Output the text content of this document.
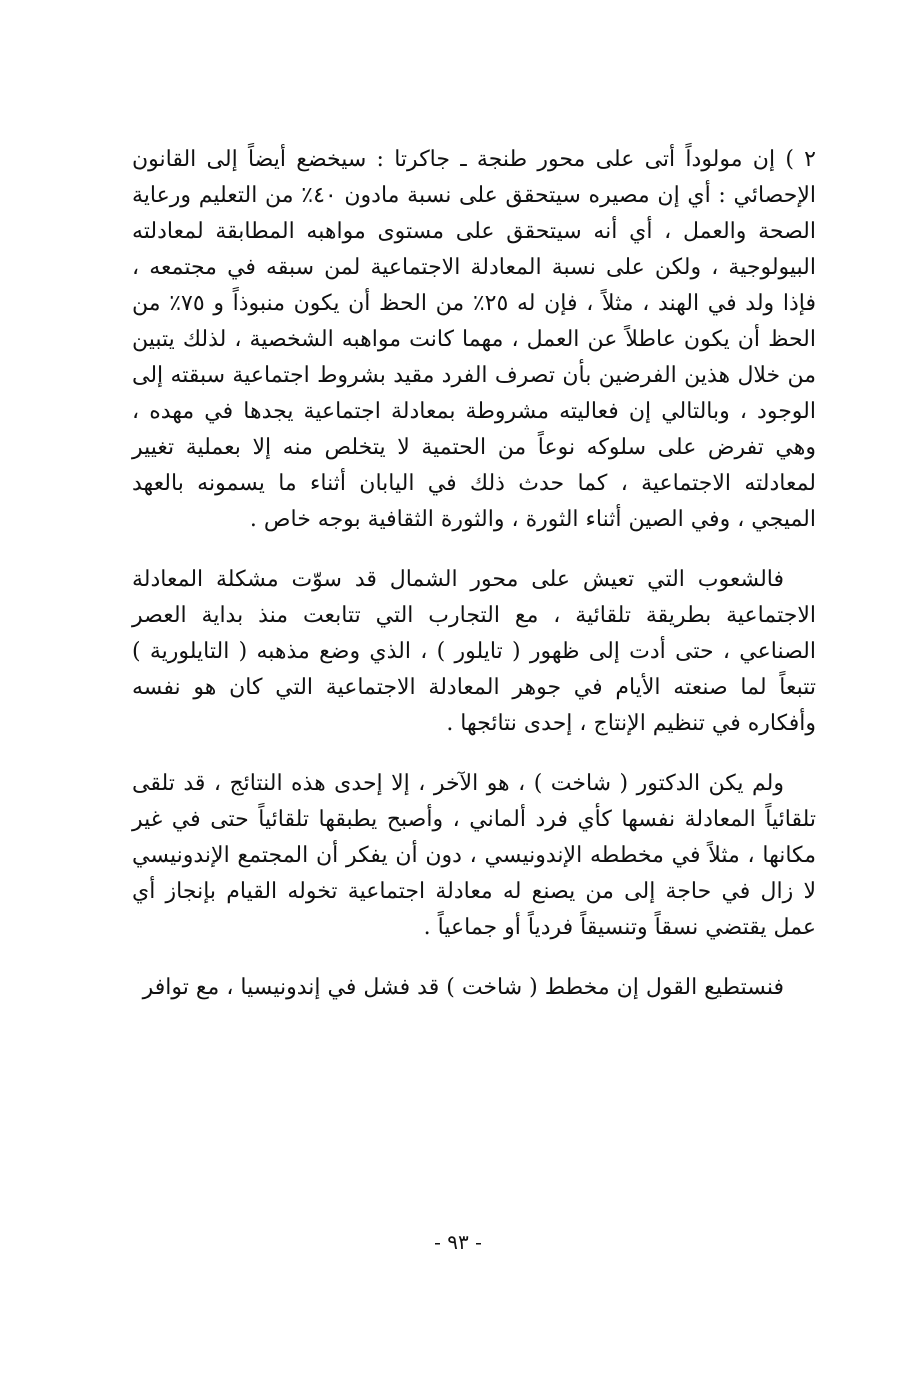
٢ ) إن مولوداً أتى على محور طنجة ـ جاكرتا : سيخضع أيضاً إلى القانون الإحصائي : أي إن مصيره سيتحقق على نسبة مادون ٤٠٪ من التعليم ورعاية الصحة والعمل ، أي أنه سيتحقق على مستوى مواهبه المطابقة لمعادلته البيولوجية ، ولكن على نسبة المعادلة الاجتماعية لمن سبقه في مجتمعه ، فإذا ولد في الهند ، مثلاً ، فإن له ٢٥٪ من الحظ أن يكون منبوذاً و ٧٥٪ من الحظ أن يكون عاطلاً عن العمل ، مهما كانت مواهبه الشخصية ، لذلك يتبين من خلال هذين الفرضين بأن تصرف الفرد مقيد بشروط اجتماعية سبقته إلى الوجود ، وبالتالي إن فعاليته مشروطة بمعادلة اجتماعية يجدها في مهده ، وهي تفرض على سلوكه نوعاً من الحتمية لا يتخلص منه إلا بعملية تغيير لمعادلته الاجتماعية ، كما حدث ذلك في اليابان أثناء ما يسمونه بالعهد الميجي ، وفي الصين أثناء الثورة ، والثورة الثقافية بوجه خاص .

فالشعوب التي تعيش على محور الشمال قد سوّت مشكلة المعادلة الاجتماعية بطريقة تلقائية ، مع التجارب التي تتابعت منذ بداية العصر الصناعي ، حتى أدت إلى ظهور ( تايلور ) ، الذي وضع مذهبه ( التايلورية ) تتبعاً لما صنعته الأيام في جوهر المعادلة الاجتماعية التي كان هو نفسه وأفكاره في تنظيم الإنتاج ، إحدى نتائجها .

ولم يكن الدكتور ( شاخت ) ، هو الآخر ، إلا إحدى هذه النتائج ، قد تلقى تلقائياً المعادلة نفسها كأي فرد ألماني ، وأصبح يطبقها تلقائياً حتى في غير مكانها ، مثلاً في مخططه الإندونيسي ، دون أن يفكر أن المجتمع الإندونيسي لا زال في حاجة إلى من يصنع له معادلة اجتماعية تخوله القيام بإنجاز أي عمل يقتضي نسقاً وتنسيقاً فردياً أو جماعياً .

فنستطيع القول إن مخطط ( شاخت ) قد فشل في إندونيسيا ، مع توافر

- ٩٣ -
